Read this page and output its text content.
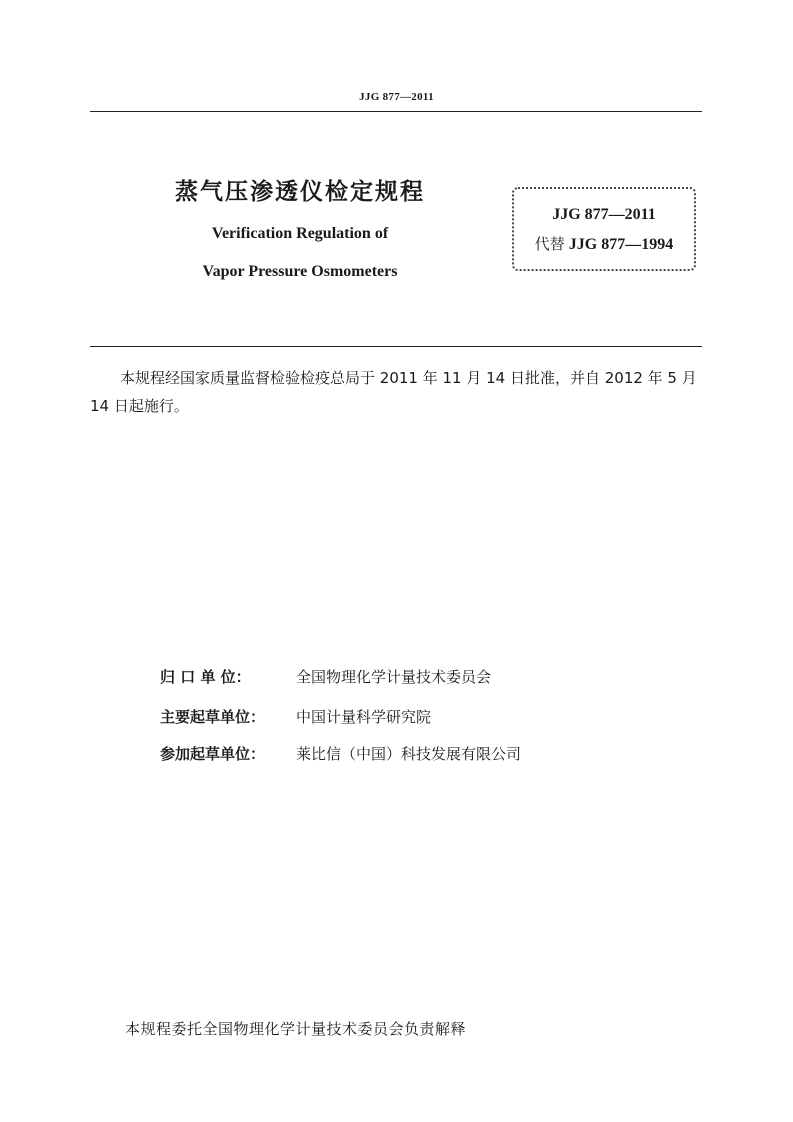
JJG 877—2011
蒸气压渗透仪检定规程
Verification Regulation of
Vapor Pressure Osmometers
JJG 877—2011
代替 JJG 877—1994
本规程经国家质量监督检验检疫总局于 2011 年 11 月 14 日批准，并自 2012 年 5 月 14 日起施行。
归 口 单 位：	全国物理化学计量技术委员会
主要起草单位： 中国计量科学研究院
参加起草单位： 莱比信（中国）科技发展有限公司
本规程委托全国物理化学计量技术委员会负责解释
